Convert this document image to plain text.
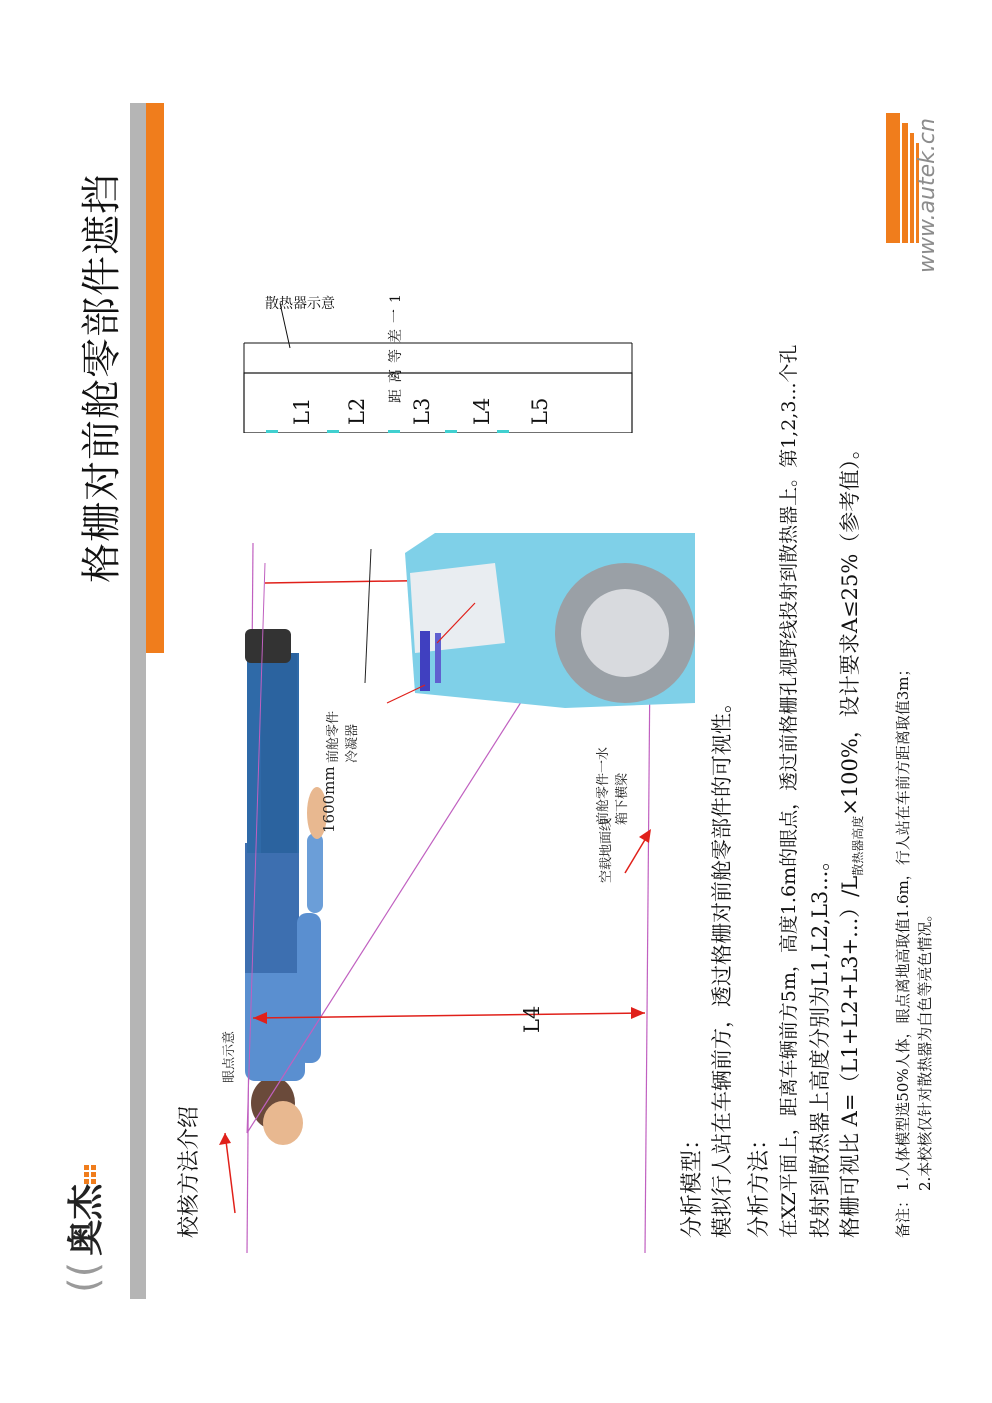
((
奥杰
格栅对前舱零部件遮挡
校核方法介绍
眼点示意
空载地面线
L4
1600mm
前舱零件 冷凝器
前舱零件一水 箱下横梁
散热器示意	距离等差一1
L1 L2 L3 L4 L5
分析模型： 模拟行人站在车辆前方，透过格栅对前舱零部件的可视性。 分析方法： 在XZ平面上，距离车辆前方5m，高度1.6m的眼点，透过前格栅孔视野线投射到散热器上。第1,2,3...个孔 投射到散热器上高度分别为L1,L2,L3...。 格栅可视比 $A=(L1+L2+L3+...)/L_{散热器高度}\times 100\%$，设计要求A≤25%（参考值）。
备注：
1.人体模型选50%人体，眼点离地高取值1.6m，行人站在车前方距离取值3m； 2.本校核仅针对散热器为白色等亮色情况。
www.autek.cn
